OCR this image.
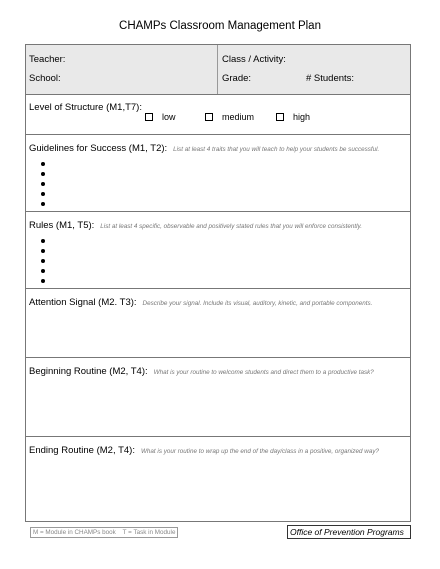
CHAMPs Classroom Management Plan
Teacher:
School:
Class / Activity:
Grade:	# Students:
Level of Structure (M1,T7):
low	medium	high
Guidelines for Success (M1, T2): List at least 4 traits that you will teach to help your students be successful.
Rules (M1, T5): List at least 4 specific, observable and positively stated rules that you will enforce consistently.
Attention Signal (M2. T3): Describe your signal. Include its visual, auditory, kinetic, and portable components.
Beginning Routine (M2, T4): What is your routine to welcome students and direct them to a productive task?
Ending Routine (M2, T4): What is your routine to wrap up the end of the day/class in a positive, organized way?
M = Module in CHAMPs book    T = Task in Module	Office of Prevention Programs
